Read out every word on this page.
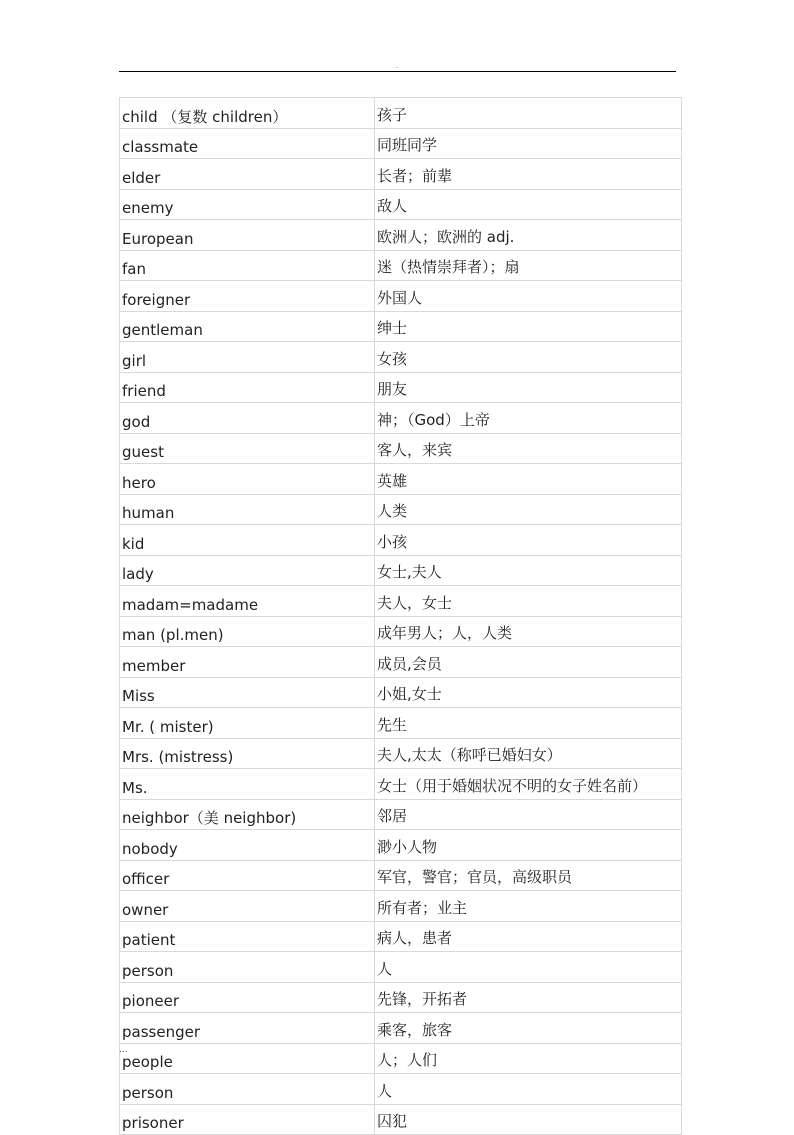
.
child （复数 children）	孩子
classmate	同班同学
elder	长者；前辈
enemy	敌人
European	欧洲人；欧洲的 adj.
fan	迷（热情崇拜者）；扇
foreigner	外国人
gentleman	绅士
girl	女孩
friend	朋友
god	神；（God）上帝
guest	客人，来宾
hero	英雄
human	人类
kid	小孩
lady	女士,夫人
madam=madame	夫人，女士
man (pl.men)	成年男人；人，人类
member	成员,会员
Miss	小姐,女士
Mr. ( mister)	先生
Mrs. (mistress)	夫人,太太（称呼已婚妇女）
Ms.	女士（用于婚姻状况不明的女子姓名前）
neighbor（美 neighbor)	邻居
nobody	渺小人物
officer	军官，警官；官员，高级职员
owner	所有者；业主
patient	病人，患者
person	人
pioneer	先锋，开拓者
passenger	乘客，旅客
people	人；人们
person	人
prisoner	囚犯
...
